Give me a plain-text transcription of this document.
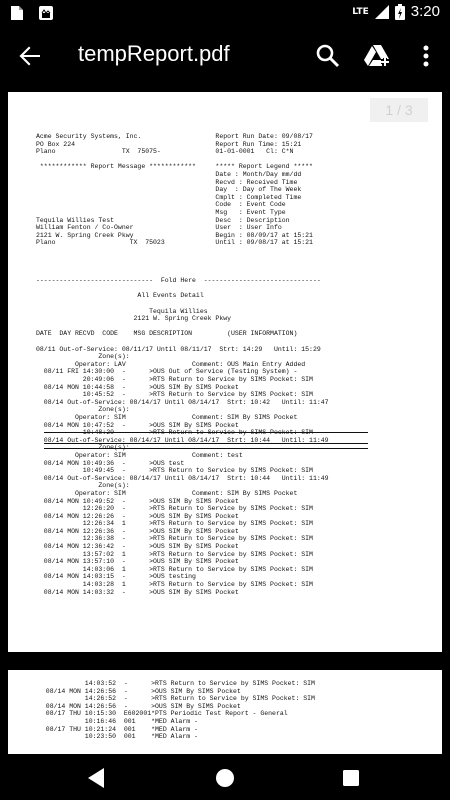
LTE	3:20
tempReport.pdf
1 / 3
Acme Security Systems, Inc.                   Report Run Date: 09/08/17
PO Box 224                                    Report Run Time: 15:21
Plano                 TX  75075-              01-01-0001   Cl: C*N

************ Report Message ************     ***** Report Legend *****
Date : Month/Day mm/dd
Recvd : Received Time
Day  : Day of The Week
Cmplt : Completed Time
Code  : Event Code
Msg   : Event Type
Tequila Willies Test                          Desc  : Description
William Fenton / Co-Owner                     User  : User Info
2121 W. Spring Creek Pkwy                     Begin : 08/09/17 at 15:21
Plano                   TX  75023             Until : 09/08/17 at 15:21

------------------------------  Fold Here  ------------------------------

All Events Detail

Tequila Willies
2121 W. Spring Creek Pkwy

DATE  DAY RECVD  CODE    MSG DESCRIPTION         (USER INFORMATION)

08/11 Out-of-Service: 08/11/17 Until 08/11/17  Strt: 14:29   Until: 15:29
Zone(s):
Operator: LAV                 Comment: OUS Main Entry Added
08/11 FRI 14:30:00  -      >OUS Out of Service (Testing System) -
20:49:06  -      >RTS Return to Service by SIMS Pocket: SIM
08/14 MON 10:44:58  -      >OUS SIM By SIMS Pocket
10:45:52  -      >RTS Return to Service by SIMS Pocket: SIM
08/14 Out-of-Service: 08/14/17 Until 08/14/17  Strt: 10:42   Until: 11:47
Zone(s):
Operator: SIM                 Comment: SIM By SIMS Pocket
08/14 MON 10:47:52  -      >OUS SIM By SIMS Pocket
10:48:20  -      >RTS Return to Service by SIMS Pocket: SIM
08/14 Out-of-Service: 08/14/17 Until 08/14/17  Strt: 10:44   Until: 11:49
Zone(s):
Operator: SIM                 Comment: test
08/14 MON 10:49:36  -      >OUS test
10:49:45  -      >RTS Return to Service by SIMS Pocket: SIM
08/14 Out-of-Service: 08/14/17 Until 08/14/17  Strt: 10:44   Until: 11:49
Zone(s):
Operator: SIM                 Comment: SIM By SIMS Pocket
08/14 MON 10:49:52  -      >OUS SIM By SIMS Pocket
12:26:20  -      >RTS Return to Service by SIMS Pocket: SIM
08/14 MON 12:26:26  -      >OUS SIM By SIMS Pocket
12:26:34  1      >RTS Return to Service by SIMS Pocket: SIM
08/14 MON 12:26:36  -      >OUS SIM By SIMS Pocket
12:36:38  -      >RTS Return to Service by SIMS Pocket: SIM
08/14 MON 12:36:42  -      >OUS SIM By SIMS Pocket
13:57:02  1      >RTS Return to Service by SIMS Pocket: SIM
08/14 MON 13:57:10  -      >OUS SIM By SIMS Pocket
14:03:06  1      >RTS Return to Service by SIMS Pocket: SIM
08/14 MON 14:03:15  -      >OUS testing
14:03:28  1      >RTS Return to Service by SIMS Pocket: SIM
08/14 MON 14:03:32  -      >OUS SIM By SIMS Pocket
14:03:52  -      >RTS Return to Service by SIMS Pocket: SIM
08/14 MON 14:26:56  -      >OUS SIM By SIMS Pocket
14:26:52  -      >RTS Return to Service by SIMS Pocket: SIM
08/14 MON 14:26:56  -      >OUS SIM By SIMS Pocket
08/17 THU 10:15:30  E602001*PTS Periodic Test Report - General
10:16:46  001    *MED Alarm -
08/17 THU 10:21:24  001    *MED Alarm -
10:23:50  001    *MED Alarm -
